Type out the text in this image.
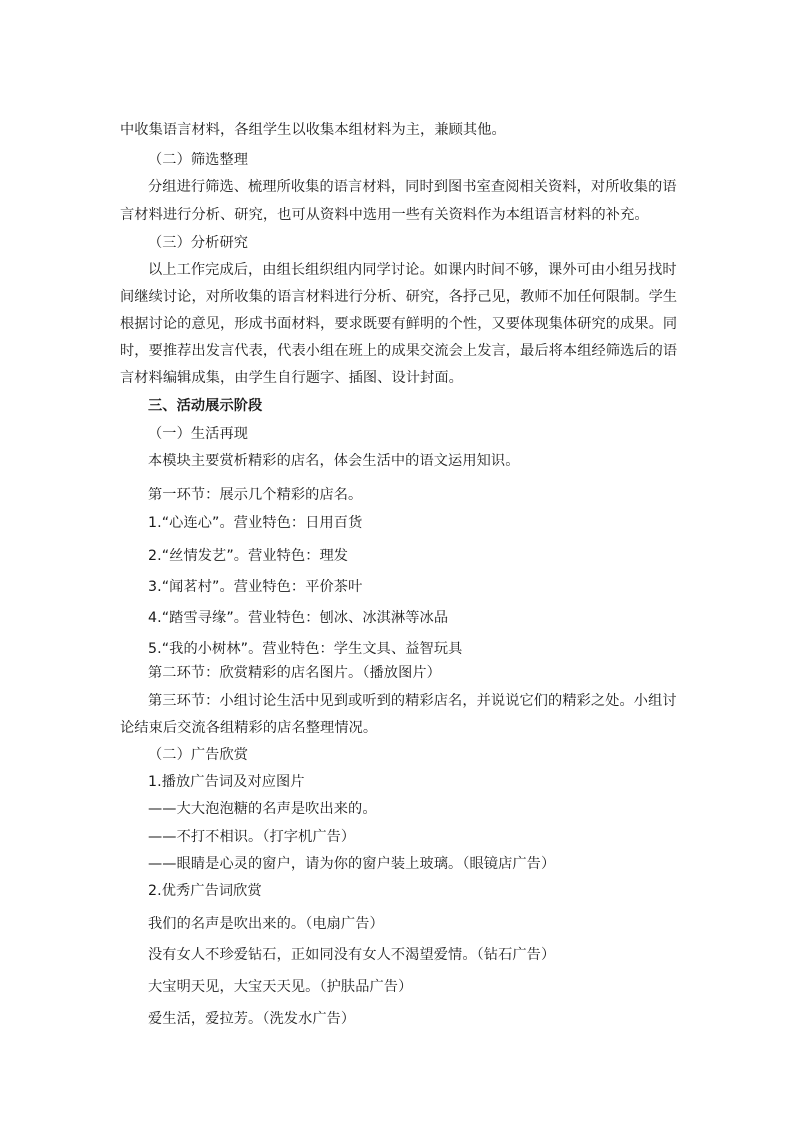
中收集语言材料，各组学生以收集本组材料为主，兼顾其他。
（二）筛选整理
分组进行筛选、梳理所收集的语言材料，同时到图书室查阅相关资料，对所收集的语
言材料进行分析、研究，也可从资料中选用一些有关资料作为本组语言材料的补充。
（三）分析研究
以上工作完成后，由组长组织组内同学讨论。如课内时间不够，课外可由小组另找时
间继续讨论，对所收集的语言材料进行分析、研究，各抒己见，教师不加任何限制。学生
根据讨论的意见，形成书面材料，要求既要有鲜明的个性，又要体现集体研究的成果。同
时，要推荐出发言代表，代表小组在班上的成果交流会上发言，最后将本组经筛选后的语
言材料编辑成集，由学生自行题字、插图、设计封面。
三、活动展示阶段
（一）生活再现
本模块主要赏析精彩的店名，体会生活中的语文运用知识。
第一环节：展示几个精彩的店名。
1.“心连心”。营业特色：日用百货
2.“丝情发艺”。营业特色：理发
3.“闻茗村”。营业特色：平价茶叶
4.“踏雪寻缘”。营业特色：刨冰、冰淇淋等冰品
5.“我的小树林”。营业特色：学生文具、益智玩具
第二环节：欣赏精彩的店名图片。（播放图片）
第三环节：小组讨论生活中见到或听到的精彩店名，并说说它们的精彩之处。小组讨
论结束后交流各组精彩的店名整理情况。
（二）广告欣赏
1.播放广告词及对应图片
——大大泡泡糖的名声是吹出来的。
——不打不相识。（打字机广告）
——眼睛是心灵的窗户，请为你的窗户装上玻璃。（眼镜店广告）
2.优秀广告词欣赏
我们的名声是吹出来的。（电扇广告）
没有女人不珍爱钻石，正如同没有女人不渴望爱情。（钻石广告）
大宝明天见，大宝天天见。（护肤品广告）
爱生活，爱拉芳。（洗发水广告）
